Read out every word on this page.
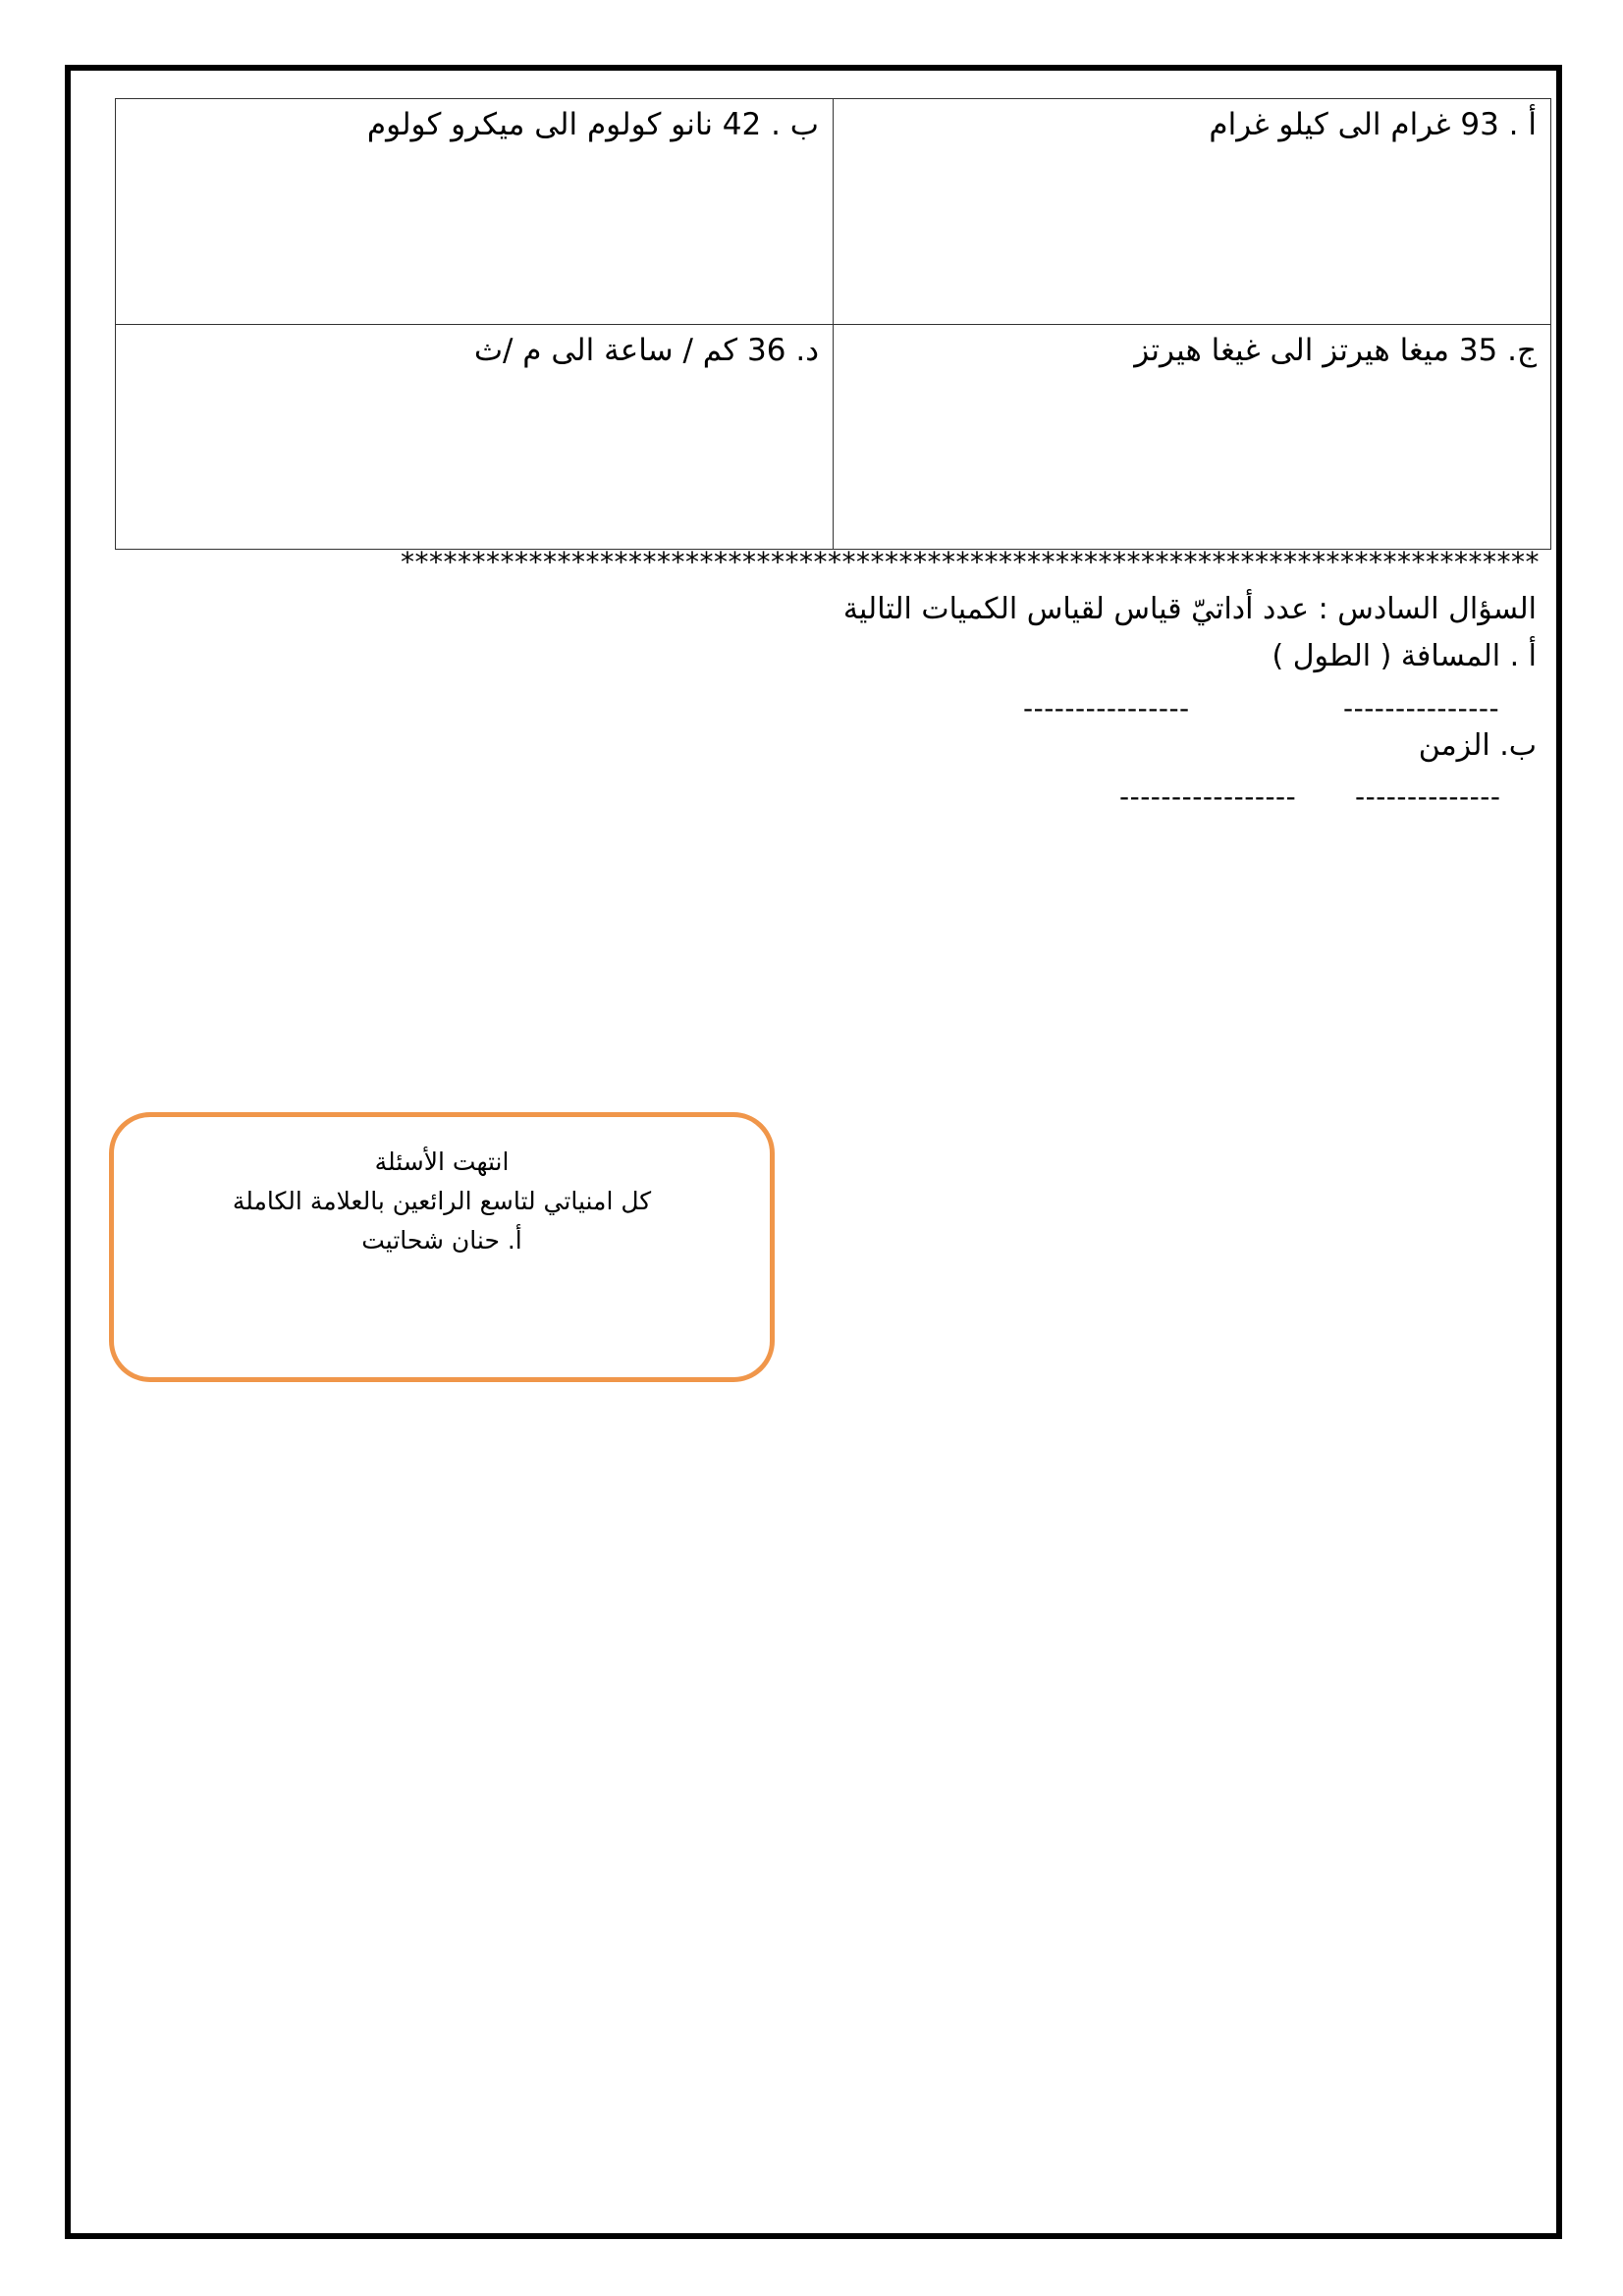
أ . 93 غرام الى كيلو غرام	ب . 42 نانو كولوم الى ميكرو كولوم
ج. 35 ميغا هيرتز الى غيغا هيرتز	د. 36 كم / ساعة الى م /ث
********************************************************************************
السؤال السادس : عدد أداتيّ قياس لقياس الكميات التالية
أ . المسافة ( الطول )
---------------
----------------
ب. الزمن
--------------
-----------------
انتهت الأسئلة
كل امنياتي لتاسع الرائعين بالعلامة الكاملة
أ. حنان شحاتيت
